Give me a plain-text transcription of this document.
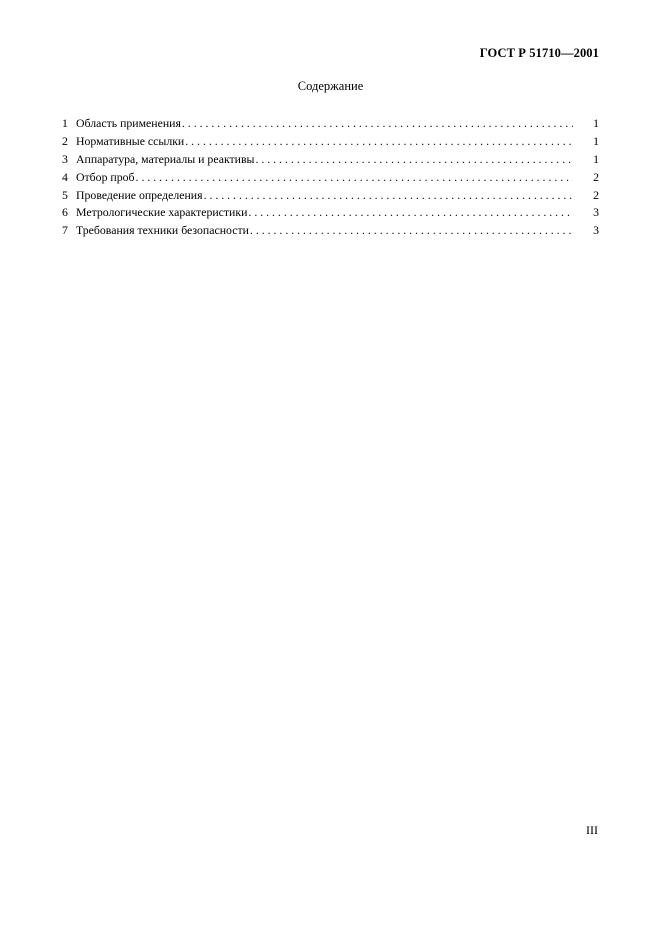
ГОСТ Р 51710—2001
Содержание
1 Область применения . . .	1
2 Нормативные ссылки . . .	1
3 Аппаратура, материалы и реактивы . . .	1
4 Отбор проб . . .	2
5 Проведение определения . . .	2
6 Метрологические характеристики . . .	3
7 Требования техники безопасности . . .	3
III
